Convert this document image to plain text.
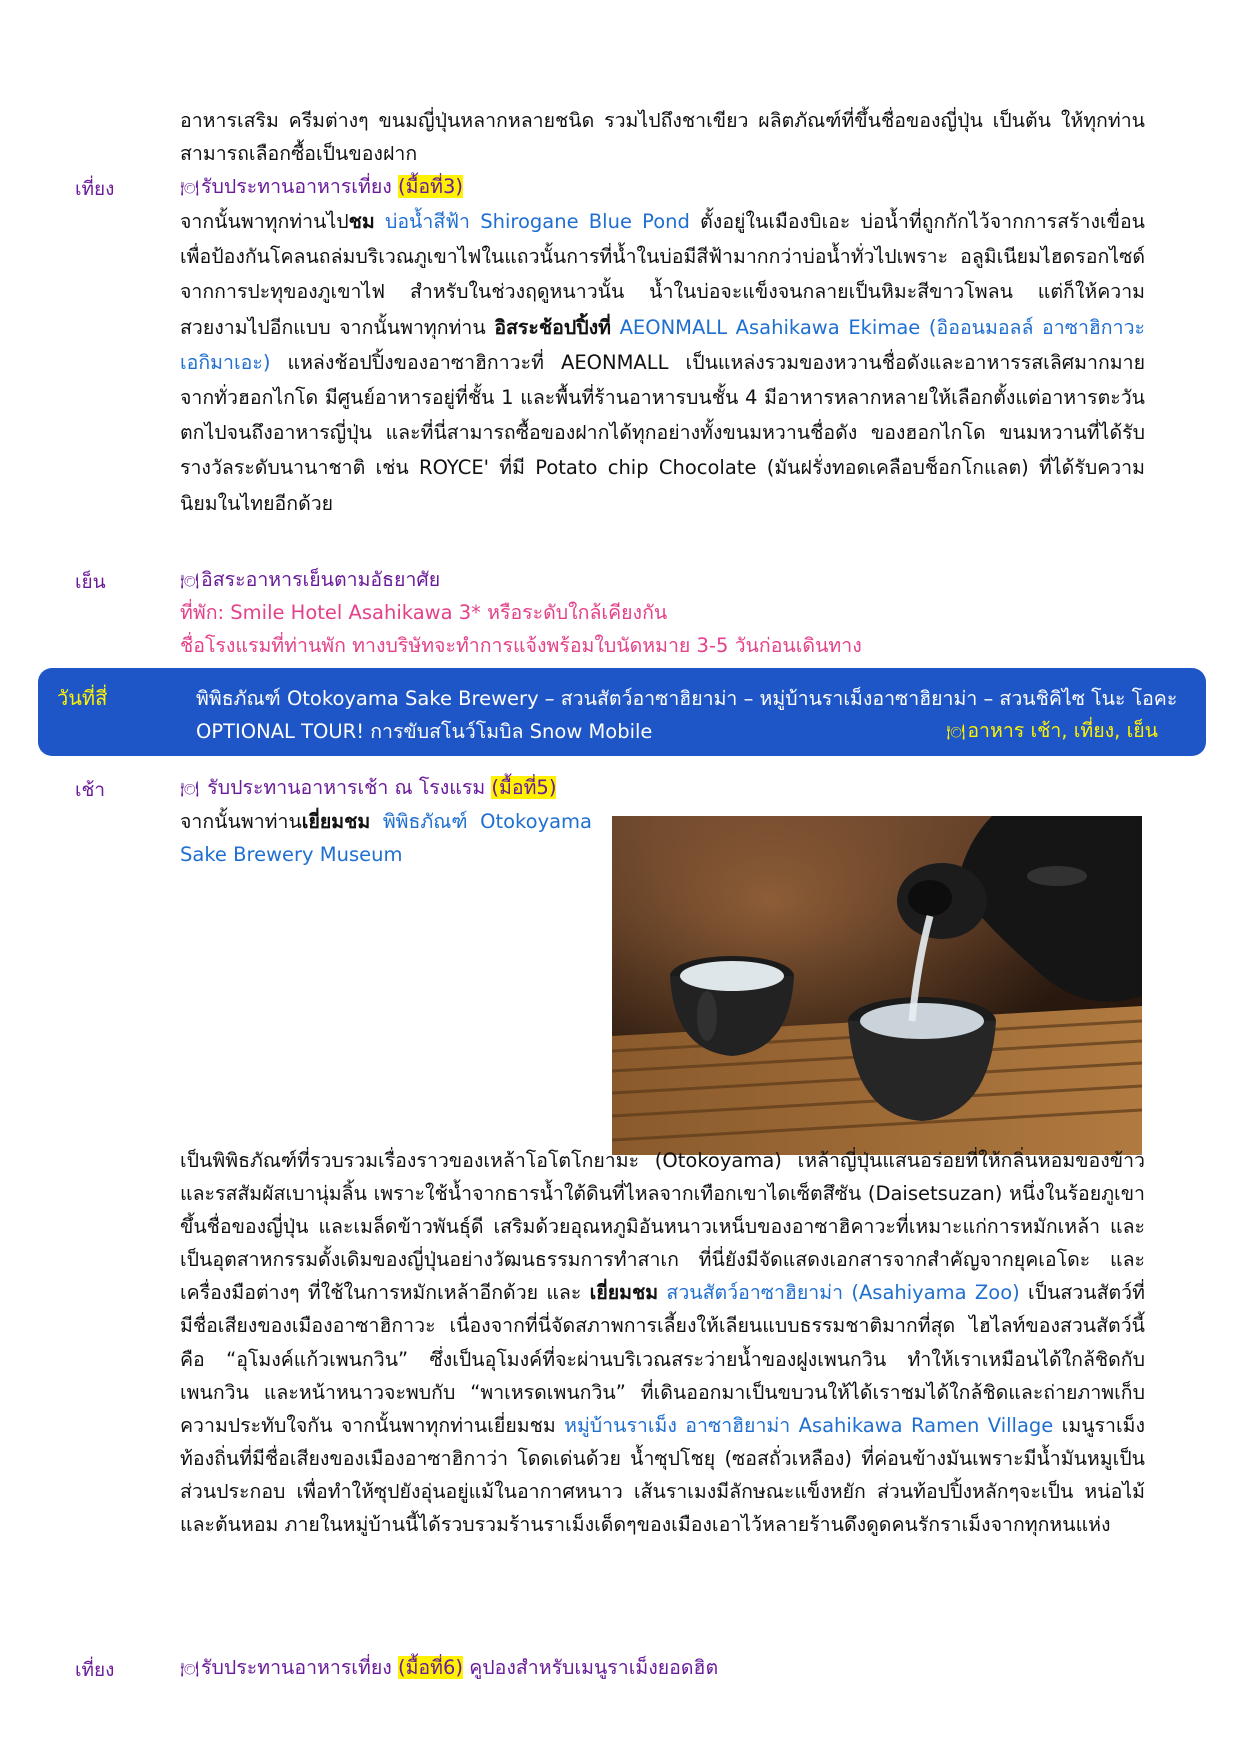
อาหารเสริม ครีมต่างๆ ขนมญี่ปุ่นหลากหลายชนิด รวมไปถึงชาเขียว ผลิตภัณฑ์ที่ขึ้นชื่อของญี่ปุ่น เป็นต้น ให้ทุกท่านสามารถเลือกซื้อเป็นของฝาก

เที่ยง	🍽 รับประทานอาหารเที่ยง (มื้อที่3)

จากนั้นพาทุกท่านไปชม บ่อน้ำสีฟ้า Shirogane Blue Pond ตั้งอยู่ในเมืองบิเอะ บ่อน้ำที่ถูกกักไว้จากการสร้างเขื่อนเพื่อป้องกันโคลนถล่มบริเวณภูเขาไฟในแถวนั้นการที่น้ำในบ่อมีสีฟ้ามากกว่าบ่อน้ำทั่วไปเพราะ อลูมิเนียมไฮดรอกไซด์จากการปะทุของภูเขาไฟ สำหรับในช่วงฤดูหนาวนั้น น้ำในบ่อจะแข็งจนกลายเป็นหิมะสีขาวโพลน แต่ก็ให้ความสวยงามไปอีกแบบ จากนั้นพาทุกท่าน อิสระช้อปปิ้งที่ AEONMALL Asahikawa Ekimae (อิออนมอลล์ อาซาฮิกาวะ เอกิมาเอะ) แหล่งช้อปปิ้งของอาซาฮิกาวะที่ AEONMALL เป็นแหล่งรวมของหวานชื่อดังและอาหารรสเลิศมากมายจากทั่วฮอกไกโด มีศูนย์อาหารอยู่ที่ชั้น 1 และพื้นที่ร้านอาหารบนชั้น 4 มีอาหารหลากหลายให้เลือกตั้งแต่อาหารตะวันตกไปจนถึงอาหารญี่ปุ่น และที่นี่สามารถซื้อของฝากได้ทุกอย่างทั้งขนมหวานชื่อดัง ของฮอกไกโด ขนมหวานที่ได้รับรางวัลระดับนานาชาติ เช่น ROYCE' ที่มี Potato chip Chocolate (มันฝรั่งทอดเคลือบช็อกโกแลต) ที่ได้รับความนิยมในไทยอีกด้วย

เย็น	🍽 อิสระอาหารเย็นตามอัธยาศัย
ที่พัก: Smile Hotel Asahikawa 3* หรือระดับใกล้เคียงกัน
ชื่อโรงแรมที่ท่านพัก ทางบริษัทจะทำการแจ้งพร้อมใบนัดหมาย 3-5 วันก่อนเดินทาง
วันที่สี่	พิพิธภัณฑ์ Otokoyama Sake Brewery – สวนสัตว์อาซาฮิยาม่า – หมู่บ้านราเม็งอาซาฮิยาม่า – สวนชิคิไซ โนะ โอคะ
OPTIONAL TOUR! การขับสโนว์โมบิล Snow Mobile	🍽 อาหาร เช้า, เที่ยง, เย็น
เช้า	🍽 รับประทานอาหารเช้า ณ โรงแรม (มื้อที่5)

จากนั้นพาท่านเยี่ยมชม พิพิธภัณฑ์ Otokoyama Sake Brewery Museum

เป็นพิพิธภัณฑ์ที่รวบรวมเรื่องราวของเหล้าโอโตโกยามะ (Otokoyama) เหล้าญี่ปุ่นแสนอร่อยที่ให้กลิ่นหอมของข้าวและรสสัมผัสเบานุ่มลิ้น เพราะใช้น้ำจากธารน้ำใต้ดินที่ไหลจากเทือกเขาไดเซ็ตสึซัน (Daisetsuzan) หนึ่งในร้อยภูเขาขึ้นชื่อของญี่ปุ่น และเมล็ดข้าวพันธุ์ดี เสริมด้วยอุณหภูมิอันหนาวเหน็บของอาซาฮิคาวะที่เหมาะแก่การหมักเหล้า และเป็นอุตสาหกรรมดั้งเดิมของญี่ปุ่นอย่างวัฒนธรรมการทำสาเก ที่นี่ยังมีจัดแสดงเอกสารจากสำคัญจากยุคเอโดะ และเครื่องมือต่างๆ ที่ใช้ในการหมักเหล้าอีกด้วย และ เยี่ยมชม สวนสัตว์อาซาฮิยาม่า (Asahiyama Zoo) เป็นสวนสัตว์ที่มีชื่อเสียงของเมืองอาซาฮิกาวะ เนื่องจากที่นี่จัดสภาพการเลี้ยงให้เลียนแบบธรรมชาติมากที่สุด ไฮไลท์ของสวนสัตว์นี้คือ “อุโมงค์แก้วเพนกวิน” ซึ่งเป็นอุโมงค์ที่จะผ่านบริเวณสระว่ายน้ำของฝูงเพนกวิน ทำให้เราเหมือนได้ใกล้ชิดกับเพนกวิน และหน้าหนาวจะพบกับ “พาเหรดเพนกวิน” ที่เดินออกมาเป็นขบวนให้ได้เราชมได้ใกล้ชิดและถ่ายภาพเก็บความประทับใจกัน จากนั้นพาทุกท่านเยี่ยมชม หมู่บ้านราเม็ง อาซาฮิยาม่า Asahikawa Ramen Village เมนูราเม็ง ท้องถิ่นที่มีชื่อเสียงของเมืองอาซาฮิกาว่า โดดเด่นด้วย น้ำซุปโชยุ (ซอสถั่วเหลือง) ที่ค่อนข้างมันเพราะมีน้ำมันหมูเป็นส่วนประกอบ เพื่อทำให้ซุปยังอุ่นอยู่แม้ในอากาศหนาว เส้นราเมงมีลักษณะแข็งหยัก ส่วนท้อปปิ้งหลักๆจะเป็น หน่อไม้ และต้นหอม ภายในหมู่บ้านนี้ได้รวบรวมร้านราเม็งเด็ดๆของเมืองเอาไว้หลายร้านดึงดูดคนรักราเม็งจากทุกหนแห่ง

เที่ยง	🍽 รับประทานอาหารเที่ยง (มื้อที่6) คูปองสำหรับเมนูราเม็งยอดฮิต
